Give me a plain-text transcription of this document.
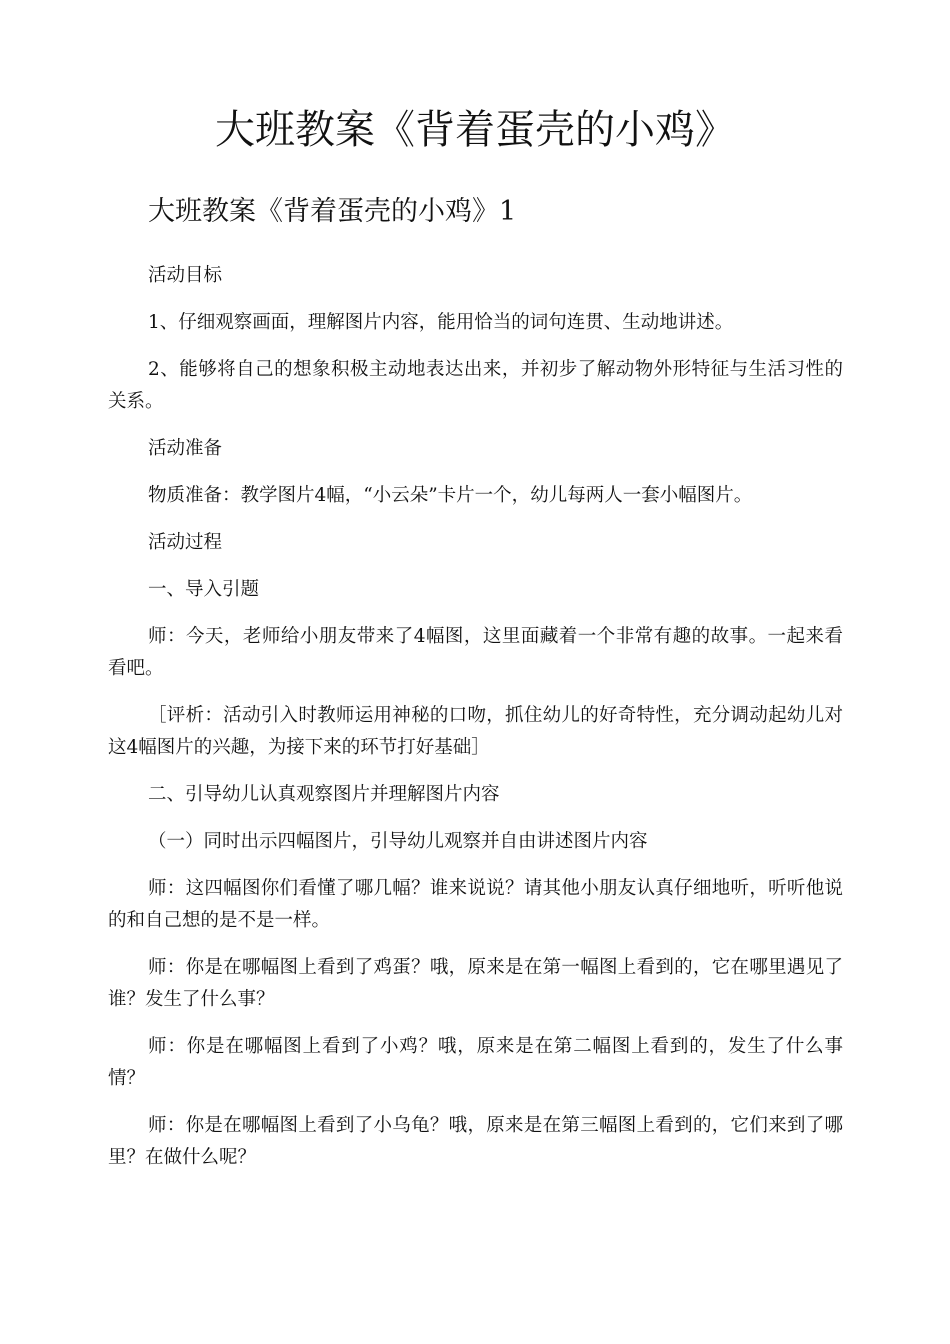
大班教案《背着蛋壳的小鸡》
大班教案《背着蛋壳的小鸡》1

活动目标

1、仔细观察画面，理解图片内容，能用恰当的词句连贯、生动地讲述。

2、能够将自己的想象积极主动地表达出来，并初步了解动物外形特征与生活习性的关系。

活动准备

物质准备：教学图片4幅，“小云朵”卡片一个，幼儿每两人一套小幅图片。

活动过程

一、导入引题

师：今天，老师给小朋友带来了4幅图，这里面藏着一个非常有趣的故事。一起来看看吧。

［评析：活动引入时教师运用神秘的口吻，抓住幼儿的好奇特性，充分调动起幼儿对这4幅图片的兴趣，为接下来的环节打好基础］

二、引导幼儿认真观察图片并理解图片内容

（一）同时出示四幅图片，引导幼儿观察并自由讲述图片内容

师：这四幅图你们看懂了哪几幅？谁来说说？请其他小朋友认真仔细地听，听听他说的和自己想的是不是一样。

师：你是在哪幅图上看到了鸡蛋？哦，原来是在第一幅图上看到的，它在哪里遇见了谁？发生了什么事？

师：你是在哪幅图上看到了小鸡？哦，原来是在第二幅图上看到的，发生了什么事情？

师：你是在哪幅图上看到了小乌龟？哦，原来是在第三幅图上看到的，它们来到了哪里？在做什么呢？
